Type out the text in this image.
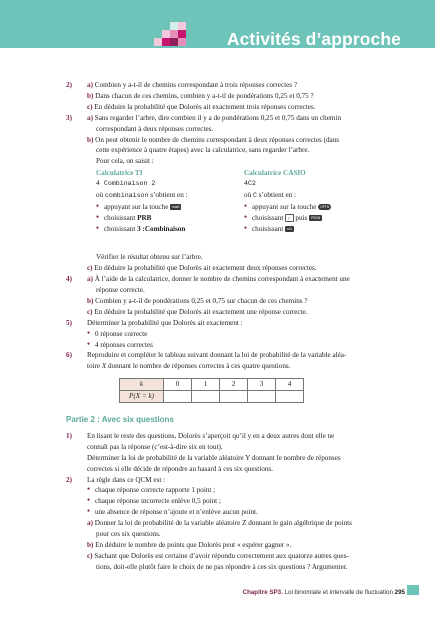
Activités d’approche
2) a) Combien y a-t-il de chemins correspondant à trois réponses correctes ?
b) Dans chacun de ces chemins, combien y a-t-il de pondérations 0,25 et 0,75 ?
c) En déduire la probabilité que Dolorès ait exactement trois réponses correctes.
3) a) Sans regarder l’arbre, dire combien il y a de pondérations 0,25 et 0,75 dans un chemin
correspondant à deux réponses correctes.
b) On peut obtenir le nombre de chemins correspondant à deux réponses correctes (dans
cette expérience à quatre étapes) avec la calculatrice, sans regarder l’arbre.
Pour cela, on saisit :
Calculatrice TI
4 Combinaison 2
où combinaison s’obtient en :
● appuyant sur la touche math
● choisissant PRB
● choisissant 3 :Combinaison
Calculatrice CASIO
4C2
où C s’obtient en :
● appuyant sur la touche OPTN
● choisissant ▷ puis PROB
● choisissant nCr
Vérifier le résultat obtenu sur l’arbre.
c) En déduire la probabilité que Dolorès ait exactement deux réponses correctes.
4) a) À l’aide de la calculatrice, donner le nombre de chemins correspondant à exactement une
réponse correcte.
b) Combien y a-t-il de pondérations 0,25 et 0,75 sur chacun de ces chemins ?
c) En déduire la probabilité que Dolorès ait exactement une réponse correcte.
5) Déterminer la probabilité que Dolorès ait exactement :
● 0 réponse correcte
● 4 réponses correctes
6) Reproduire et compléter le tableau suivant donnant la loi de probabilité de la variable aléa-
toire X donnant le nombre de réponses correctes à ces quatre questions.
k	0	1	2	3	4
P(X = k)					
Partie 2 : Avec six questions
1) En lisant le reste des questions, Dolorès s’aperçoit qu’il y en a deux autres dont elle ne
connaît pas la réponse (c’est-à-dire six en tout).
Déterminer la loi de probabilité de la variable aléatoire Y donnant le nombre de réponses
correctes si elle décide de répondre au hasard à ces six questions.
2) La règle dans ce QCM est :
● chaque réponse correcte rapporte 1 point ;
● chaque réponse incorrecte enlève 0,5 point ;
● une absence de réponse n’ajoute et n’enlève aucun point.
a) Donner la loi de probabilité de la variable aléatoire Z donnant le gain algébrique de points
pour ces six questions.
b) En déduire le nombre de points que Dolorès peut « espérer gagner ».
c) Sachant que Dolorès est certaine d’avoir répondu correctement aux quatorze autres ques-
tions, doit-elle plutôt faire le choix de ne pas répondre à ces six questions ? Argumenter.
Chapitre SP3. Loi binomiale et intervalle de fluctuation 295
